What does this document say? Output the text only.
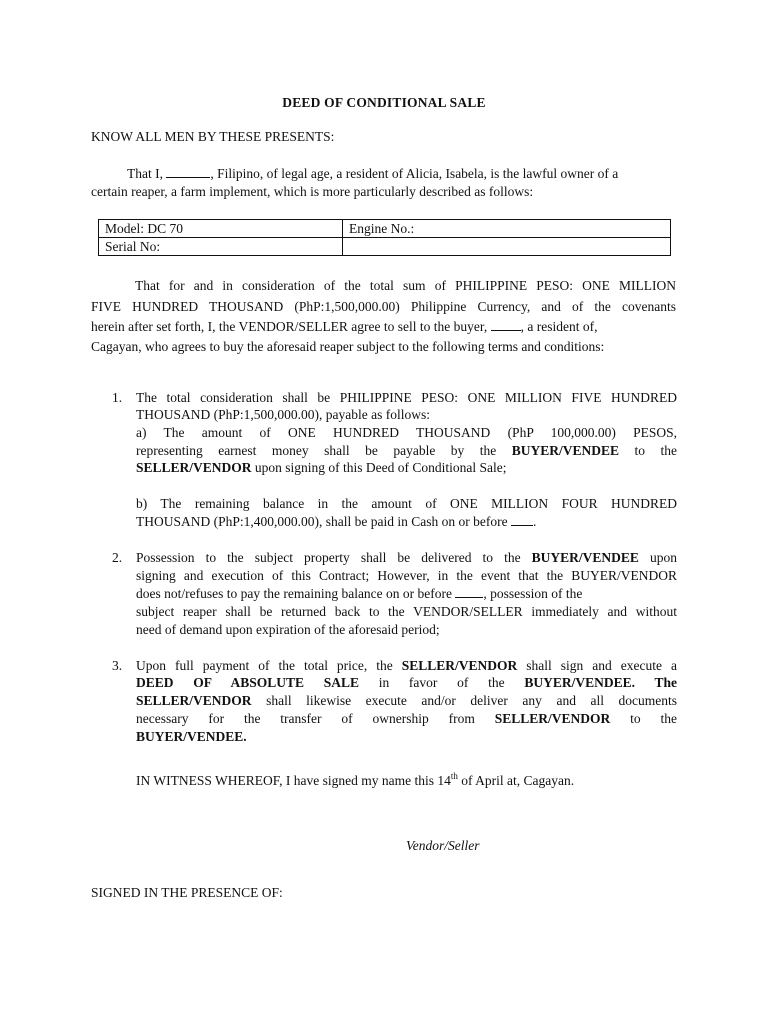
DEED OF CONDITIONAL SALE
KNOW ALL MEN BY THESE PRESENTS:
That I,	, Filipino, of legal age, a resident of Alicia, Isabela, is the lawful owner of a
certain reaper, a farm implement, which is more particularly described as follows:
Model: DC 70	Engine No.:
Serial No:	
That for and in consideration of the total sum of PHILIPPINE PESO: ONE MILLION
FIVE HUNDRED THOUSAND (PhP:1,500,000.00) Philippine Currency, and of the covenants
herein after set forth, I, the VENDOR/SELLER agree to sell to the buyer, , a resident of,
Cagayan, who agrees to buy the aforesaid reaper subject to the following terms and conditions:
1. The total consideration shall be PHILIPPINE PESO: ONE MILLION FIVE HUNDRED
THOUSAND (PhP:1,500,000.00), payable as follows:
a) The amount of ONE HUNDRED THOUSAND (PhP 100,000.00) PESOS,
representing earnest money shall be payable by the BUYER/VENDEE to the
SELLER/VENDOR upon signing of this Deed of Conditional Sale;
b) The remaining balance in the amount of ONE MILLION FOUR HUNDRED
THOUSAND (PhP:1,400,000.00), shall be paid in Cash on or before .
2. Possession to the subject property shall be delivered to the BUYER/VENDEE upon
signing and execution of this Contract; However, in the event that the BUYER/VENDOR
does not/refuses to pay the remaining balance on or before , possession of the
subject reaper shall be returned back to the VENDOR/SELLER immediately and without
need of demand upon expiration of the aforesaid period;
3. Upon full payment of the total price, the SELLER/VENDOR shall sign and execute a
DEED OF ABSOLUTE SALE in favor of the BUYER/VENDEE. The
SELLER/VENDOR shall likewise execute and/or deliver any and all documents
necessary for the transfer of ownership from SELLER/VENDOR to the
BUYER/VENDEE.
IN WITNESS WHEREOF, I have signed my name this 14th of April at, Cagayan.
Vendor/Seller
SIGNED IN THE PRESENCE OF:
